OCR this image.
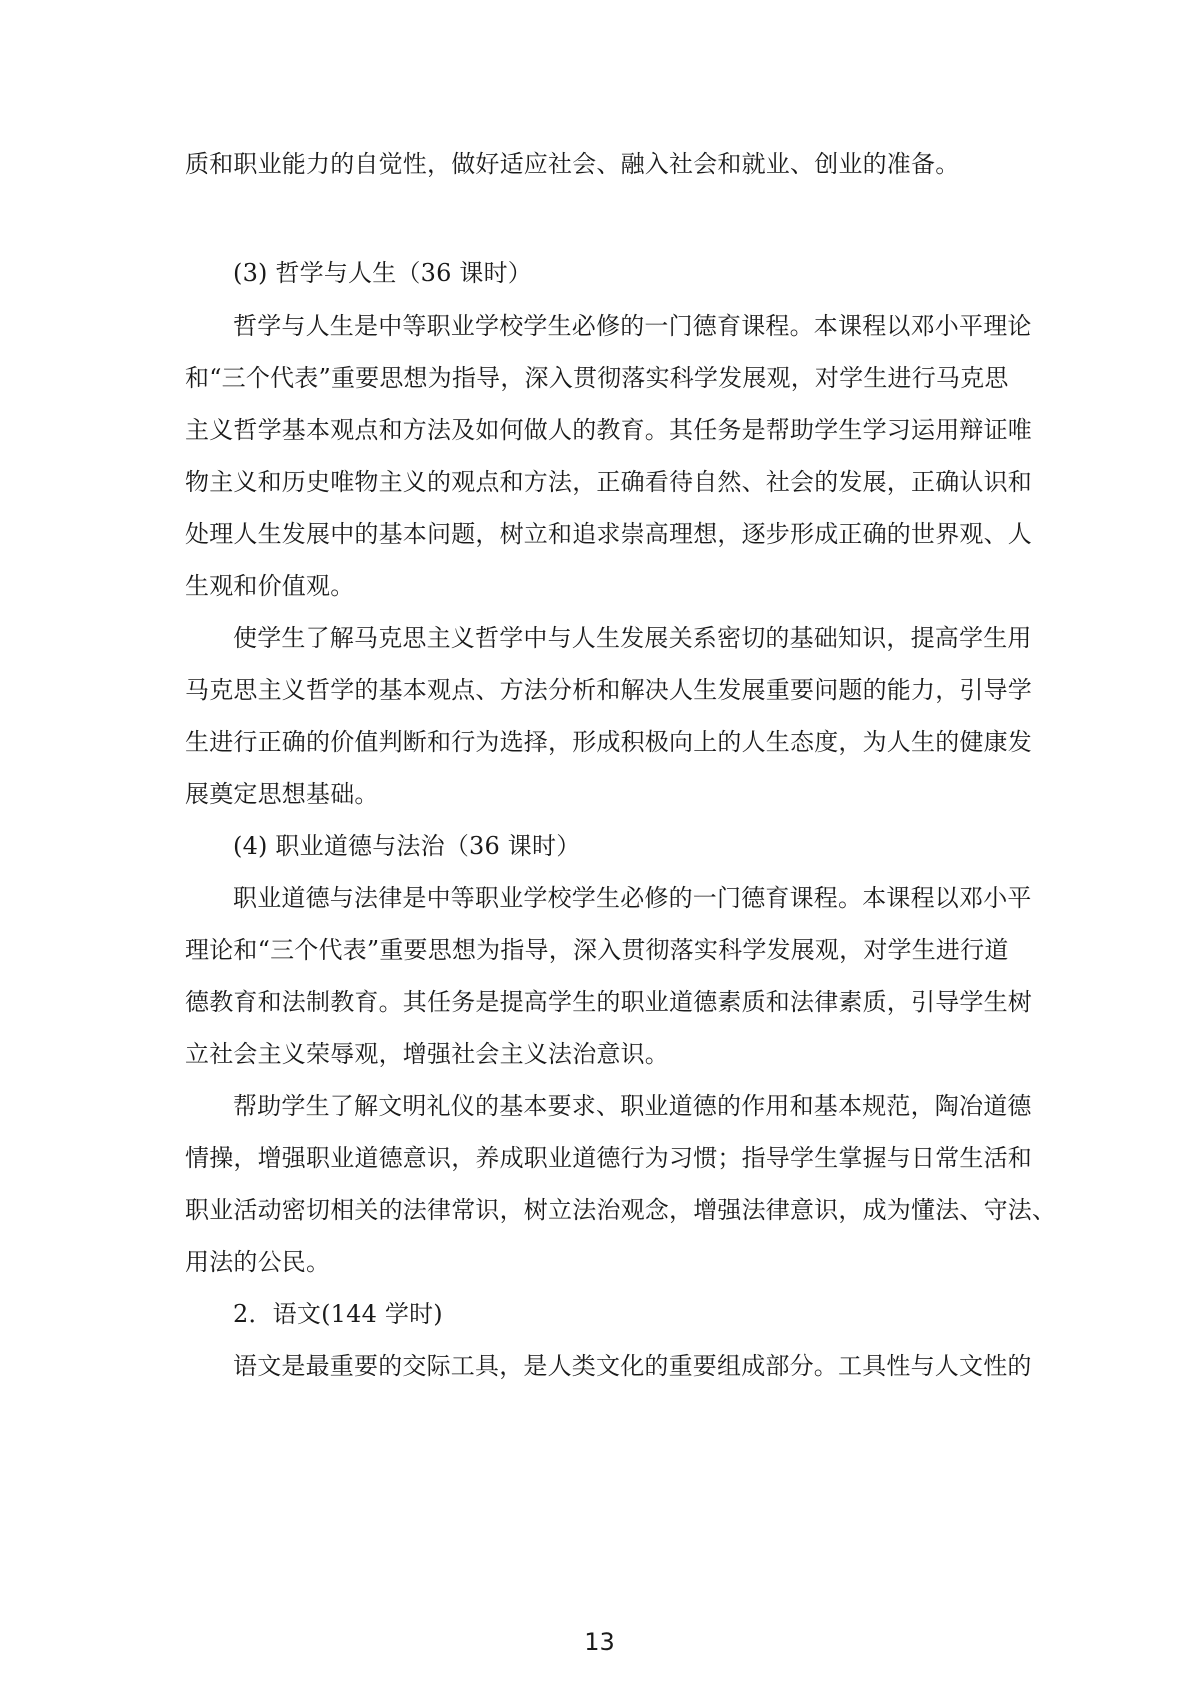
质和职业能力的自觉性，做好适应社会、融入社会和就业、创业的准备。
(3) 哲学与人生（36 课时）
哲学与人生是中等职业学校学生必修的一门德育课程。本课程以邓小平理论
和“三个代表”重要思想为指导，深入贯彻落实科学发展观，对学生进行马克思
主义哲学基本观点和方法及如何做人的教育。其任务是帮助学生学习运用辩证唯
物主义和历史唯物主义的观点和方法，正确看待自然、社会的发展，正确认识和
处理人生发展中的基本问题，树立和追求崇高理想，逐步形成正确的世界观、人
生观和价值观。
使学生了解马克思主义哲学中与人生发展关系密切的基础知识，提高学生用
马克思主义哲学的基本观点、方法分析和解决人生发展重要问题的能力，引导学
生进行正确的价值判断和行为选择，形成积极向上的人生态度，为人生的健康发
展奠定思想基础。
(4) 职业道德与法治（36 课时）
职业道德与法律是中等职业学校学生必修的一门德育课程。本课程以邓小平
理论和“三个代表”重要思想为指导，深入贯彻落实科学发展观，对学生进行道
德教育和法制教育。其任务是提高学生的职业道德素质和法律素质，引导学生树
立社会主义荣辱观，增强社会主义法治意识。
帮助学生了解文明礼仪的基本要求、职业道德的作用和基本规范，陶冶道德
情操，增强职业道德意识，养成职业道德行为习惯；指导学生掌握与日常生活和
职业活动密切相关的法律常识，树立法治观念，增强法律意识，成为懂法、守法、
用法的公民。
2．语文(144 学时)
语文是最重要的交际工具，是人类文化的重要组成部分。工具性与人文性的
13
